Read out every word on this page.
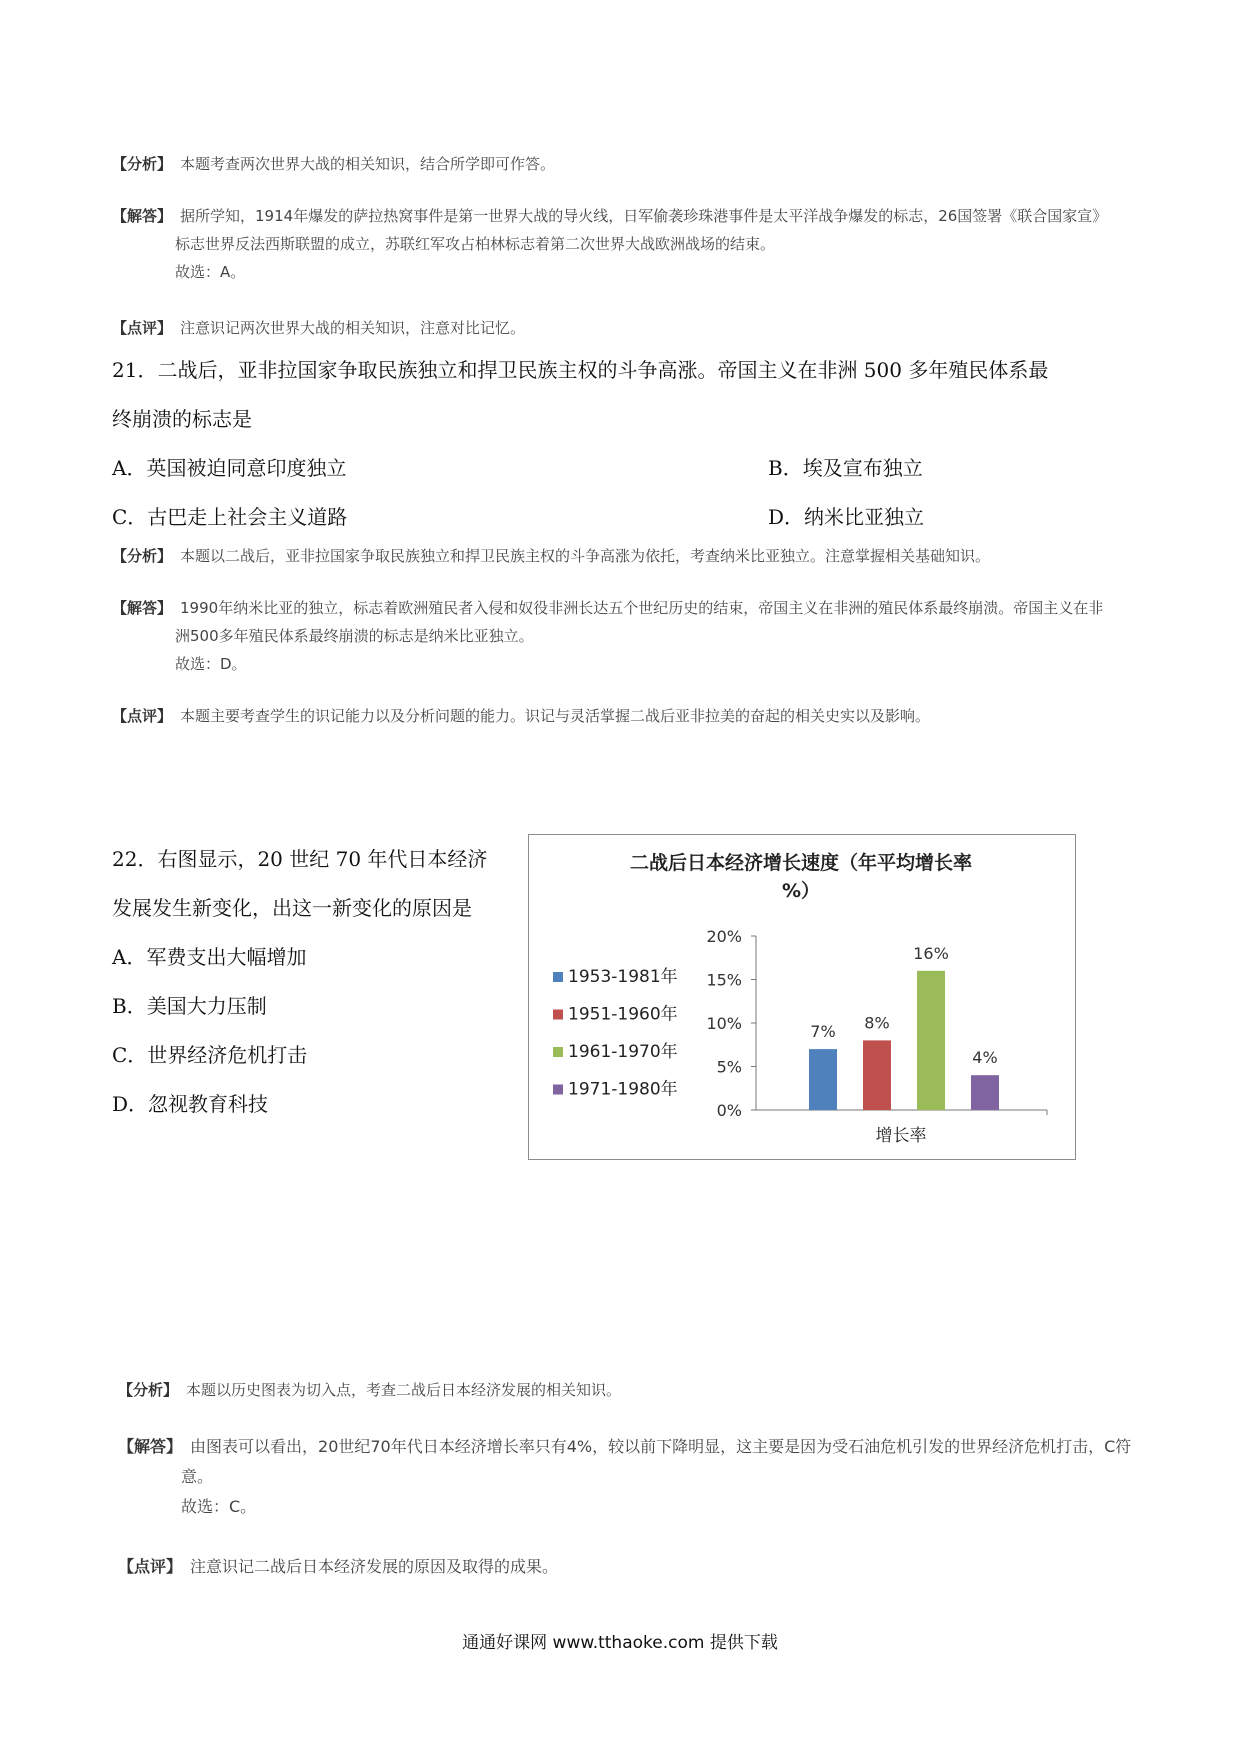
【分析】 本题考查两次世界大战的相关知识，结合所学即可作答。
【解答】 据所学知，1914年爆发的萨拉热窝事件是第一世界大战的导火线，日军偷袭珍珠港事件是太平洋战争爆发的标志，26国签署《联合国家宣》
标志世界反法西斯联盟的成立，苏联红军攻占柏林标志着第二次世界大战欧洲战场的结束。
故选：A。
【点评】 注意识记两次世界大战的相关知识，注意对比记忆。
21．二战后，亚非拉国家争取民族独立和捍卫民族主权的斗争高涨。帝国主义在非洲 500 多年殖民体系最
终崩溃的标志是
A．英国被迫同意印度独立	B．埃及宣布独立
C．古巴走上社会主义道路	D．纳米比亚独立
【分析】 本题以二战后，亚非拉国家争取民族独立和捍卫民族主权的斗争高涨为依托，考查纳米比亚独立。注意掌握相关基础知识。
【解答】 1990年纳米比亚的独立，标志着欧洲殖民者入侵和奴役非洲长达五个世纪历史的结束，帝国主义在非洲的殖民体系最终崩溃。帝国主义在非
洲500多年殖民体系最终崩溃的标志是纳米比亚独立。
故选：D。
【点评】 本题主要考查学生的识记能力以及分析问题的能力。识记与灵活掌握二战后亚非拉美的奋起的相关史实以及影响。
22．右图显示，20 世纪 70 年代日本经济
发展发生新变化，出这一新变化的原因是
A．军费支出大幅增加
B．美国大力压制
C．世界经济危机打击
D．忽视教育科技
二战后日本经济增长速度（年平均增长率
%）
20%
15%
10%
5%
0%
7% 8%
16%
4%
增长率
1953-1981年
1951-1960年
1961-1970年
1971-1980年
【分析】 本题以历史图表为切入点，考查二战后日本经济发展的相关知识。
【解答】 由图表可以看出，20世纪70年代日本经济增长率只有4%，较以前下降明显，这主要是因为受石油危机引发的世界经济危机打击，C符
意。
故选：C。
【点评】 注意识记二战后日本经济发展的原因及取得的成果。
通通好课网 www.tthaoke.com 提供下载
